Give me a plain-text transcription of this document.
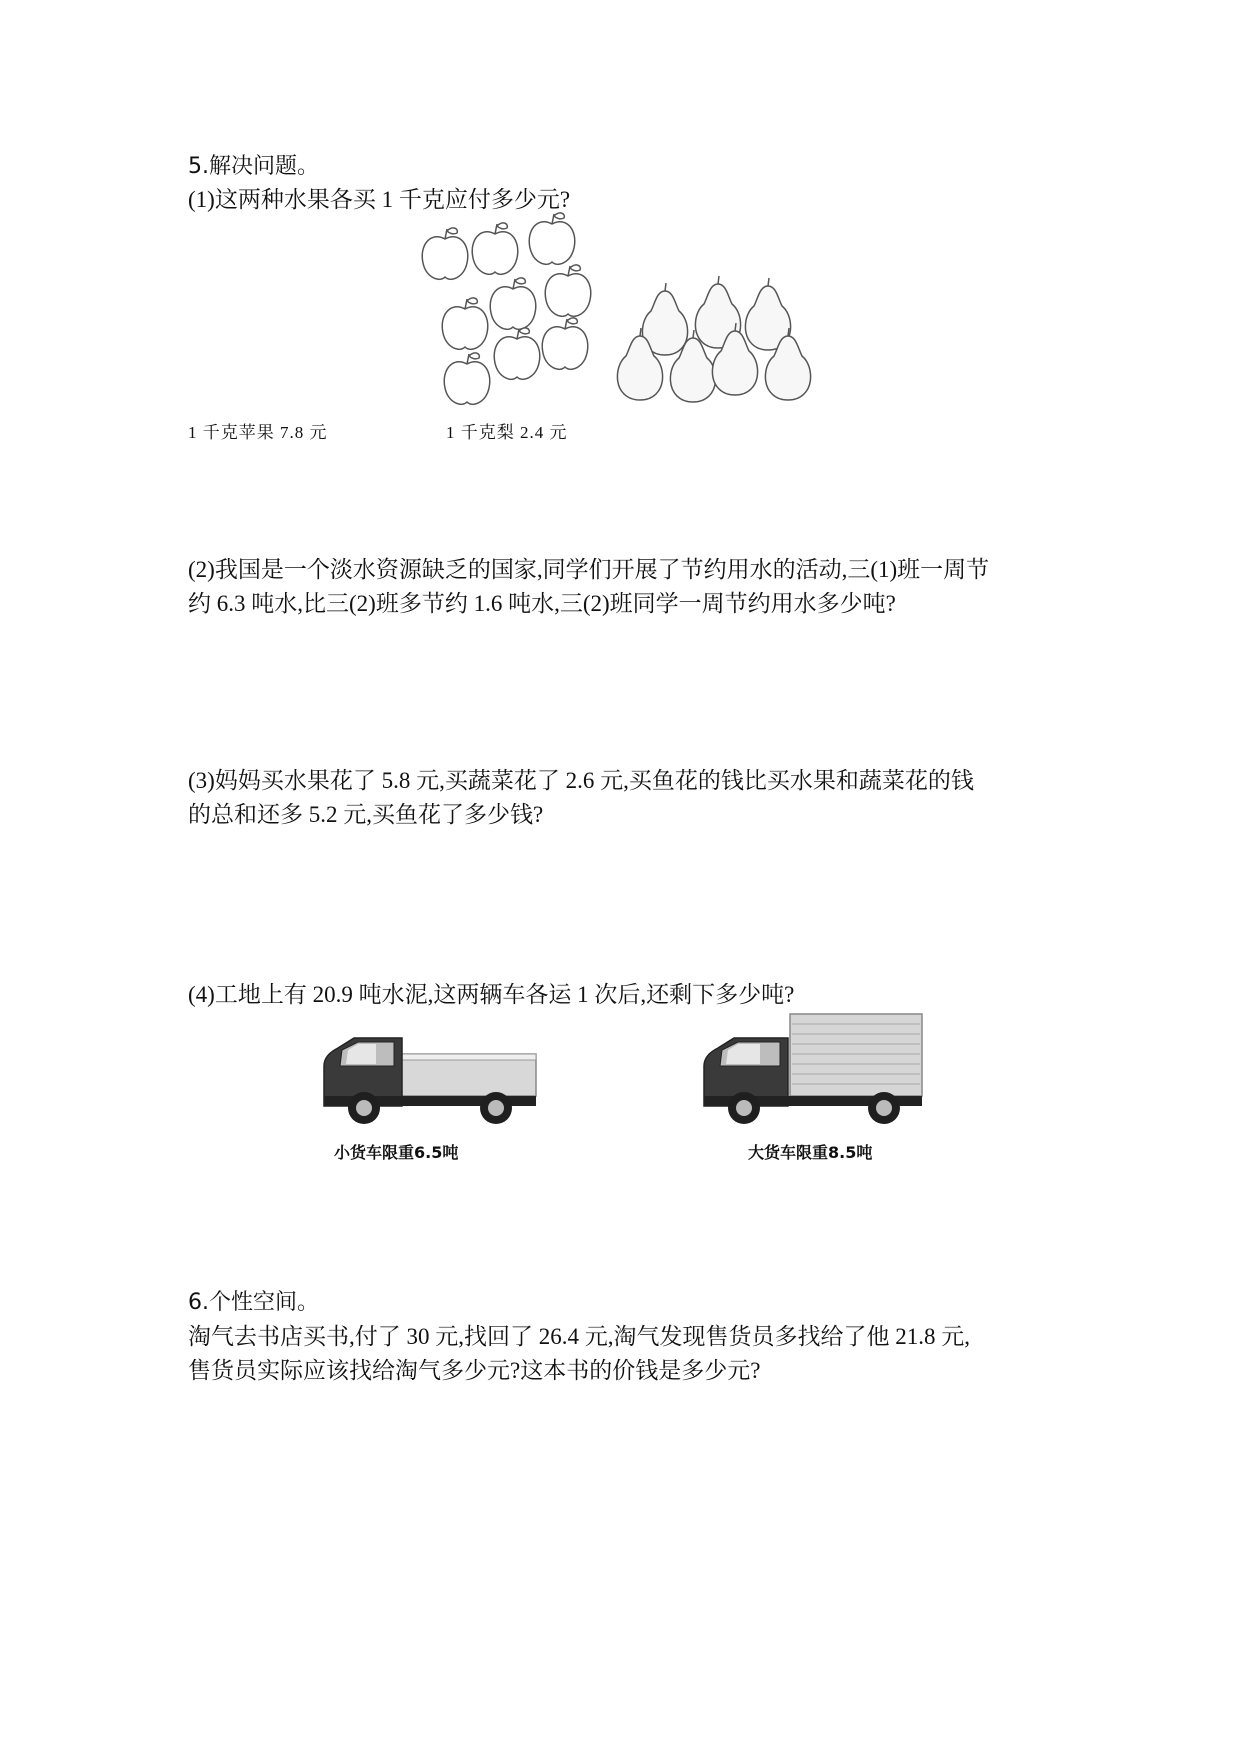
5.解决问题。
(1)这两种水果各买 1 千克应付多少元?
1 千克苹果 7.8 元	1 千克梨 2.4 元
(2)我国是一个淡水资源缺乏的国家,同学们开展了节约用水的活动,三(1)班一周节
约 6.3 吨水,比三(2)班多节约 1.6 吨水,三(2)班同学一周节约用水多少吨?
(3)妈妈买水果花了 5.8 元,买蔬菜花了 2.6 元,买鱼花的钱比买水果和蔬菜花的钱
的总和还多 5.2 元,买鱼花了多少钱?
(4)工地上有 20.9 吨水泥,这两辆车各运 1 次后,还剩下多少吨?
小货车限重6.5吨	大货车限重8.5吨
6.个性空间。
淘气去书店买书,付了 30 元,找回了 26.4 元,淘气发现售货员多找给了他 21.8 元,
售货员实际应该找给淘气多少元?这本书的价钱是多少元?
